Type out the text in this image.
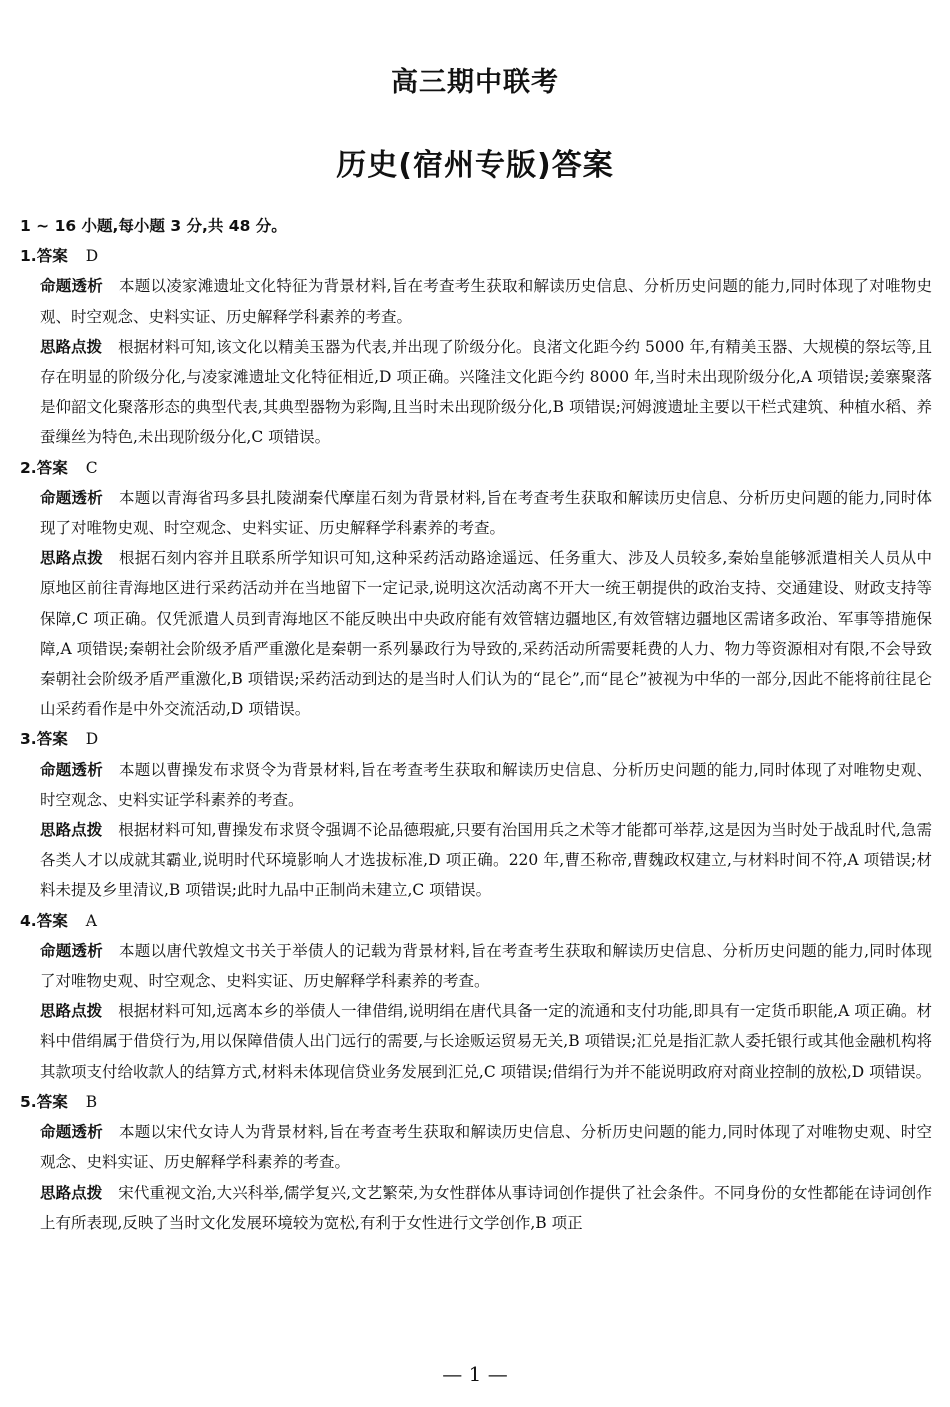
高三期中联考
历史(宿州专版)答案
1 ~ 16 小题,每小题 3 分,共 48 分。
1.答案 D
命题透析 本题以凌家滩遗址文化特征为背景材料,旨在考查考生获取和解读历史信息、分析历史问题的能力,同时体现了对唯物史观、时空观念、史料实证、历史解释学科素养的考查。
思路点拨 根据材料可知,该文化以精美玉器为代表,并出现了阶级分化。良渚文化距今约 5000 年,有精美玉器、大规模的祭坛等,且存在明显的阶级分化,与凌家滩遗址文化特征相近,D 项正确。兴隆洼文化距今约 8000 年,当时未出现阶级分化,A 项错误;姜寨聚落是仰韶文化聚落形态的典型代表,其典型器物为彩陶,且当时未出现阶级分化,B 项错误;河姆渡遗址主要以干栏式建筑、种植水稻、养蚕缫丝为特色,未出现阶级分化,C 项错误。
2.答案 C
命题透析 本题以青海省玛多县扎陵湖秦代摩崖石刻为背景材料,旨在考查考生获取和解读历史信息、分析历史问题的能力,同时体现了对唯物史观、时空观念、史料实证、历史解释学科素养的考查。
思路点拨 根据石刻内容并且联系所学知识可知,这种采药活动路途遥远、任务重大、涉及人员较多,秦始皇能够派遣相关人员从中原地区前往青海地区进行采药活动并在当地留下一定记录,说明这次活动离不开大一统王朝提供的政治支持、交通建设、财政支持等保障,C 项正确。仅凭派遣人员到青海地区不能反映出中央政府能有效管辖边疆地区,有效管辖边疆地区需诸多政治、军事等措施保障,A 项错误;秦朝社会阶级矛盾严重激化是秦朝一系列暴政行为导致的,采药活动所需要耗费的人力、物力等资源相对有限,不会导致秦朝社会阶级矛盾严重激化,B 项错误;采药活动到达的是当时人们认为的“昆仑”,而“昆仑”被视为中华的一部分,因此不能将前往昆仑山采药看作是中外交流活动,D 项错误。
3.答案 D
命题透析 本题以曹操发布求贤令为背景材料,旨在考查考生获取和解读历史信息、分析历史问题的能力,同时体现了对唯物史观、时空观念、史料实证学科素养的考查。
思路点拨 根据材料可知,曹操发布求贤令强调不论品德瑕疵,只要有治国用兵之术等才能都可举荐,这是因为当时处于战乱时代,急需各类人才以成就其霸业,说明时代环境影响人才选拔标准,D 项正确。220 年,曹丕称帝,曹魏政权建立,与材料时间不符,A 项错误;材料未提及乡里清议,B 项错误;此时九品中正制尚未建立,C 项错误。
4.答案 A
命题透析 本题以唐代敦煌文书关于举债人的记载为背景材料,旨在考查考生获取和解读历史信息、分析历史问题的能力,同时体现了对唯物史观、时空观念、史料实证、历史解释学科素养的考查。
思路点拨 根据材料可知,远离本乡的举债人一律借绢,说明绢在唐代具备一定的流通和支付功能,即具有一定货币职能,A 项正确。材料中借绢属于借贷行为,用以保障借债人出门远行的需要,与长途贩运贸易无关,B 项错误;汇兑是指汇款人委托银行或其他金融机构将其款项支付给收款人的结算方式,材料未体现信贷业务发展到汇兑,C 项错误;借绢行为并不能说明政府对商业控制的放松,D 项错误。
5.答案 B
命题透析 本题以宋代女诗人为背景材料,旨在考查考生获取和解读历史信息、分析历史问题的能力,同时体现了对唯物史观、时空观念、史料实证、历史解释学科素养的考查。
思路点拨 宋代重视文治,大兴科举,儒学复兴,文艺繁荣,为女性群体从事诗词创作提供了社会条件。不同身份的女性都能在诗词创作上有所表现,反映了当时文化发展环境较为宽松,有利于女性进行文学创作,B 项正
— 1 —
